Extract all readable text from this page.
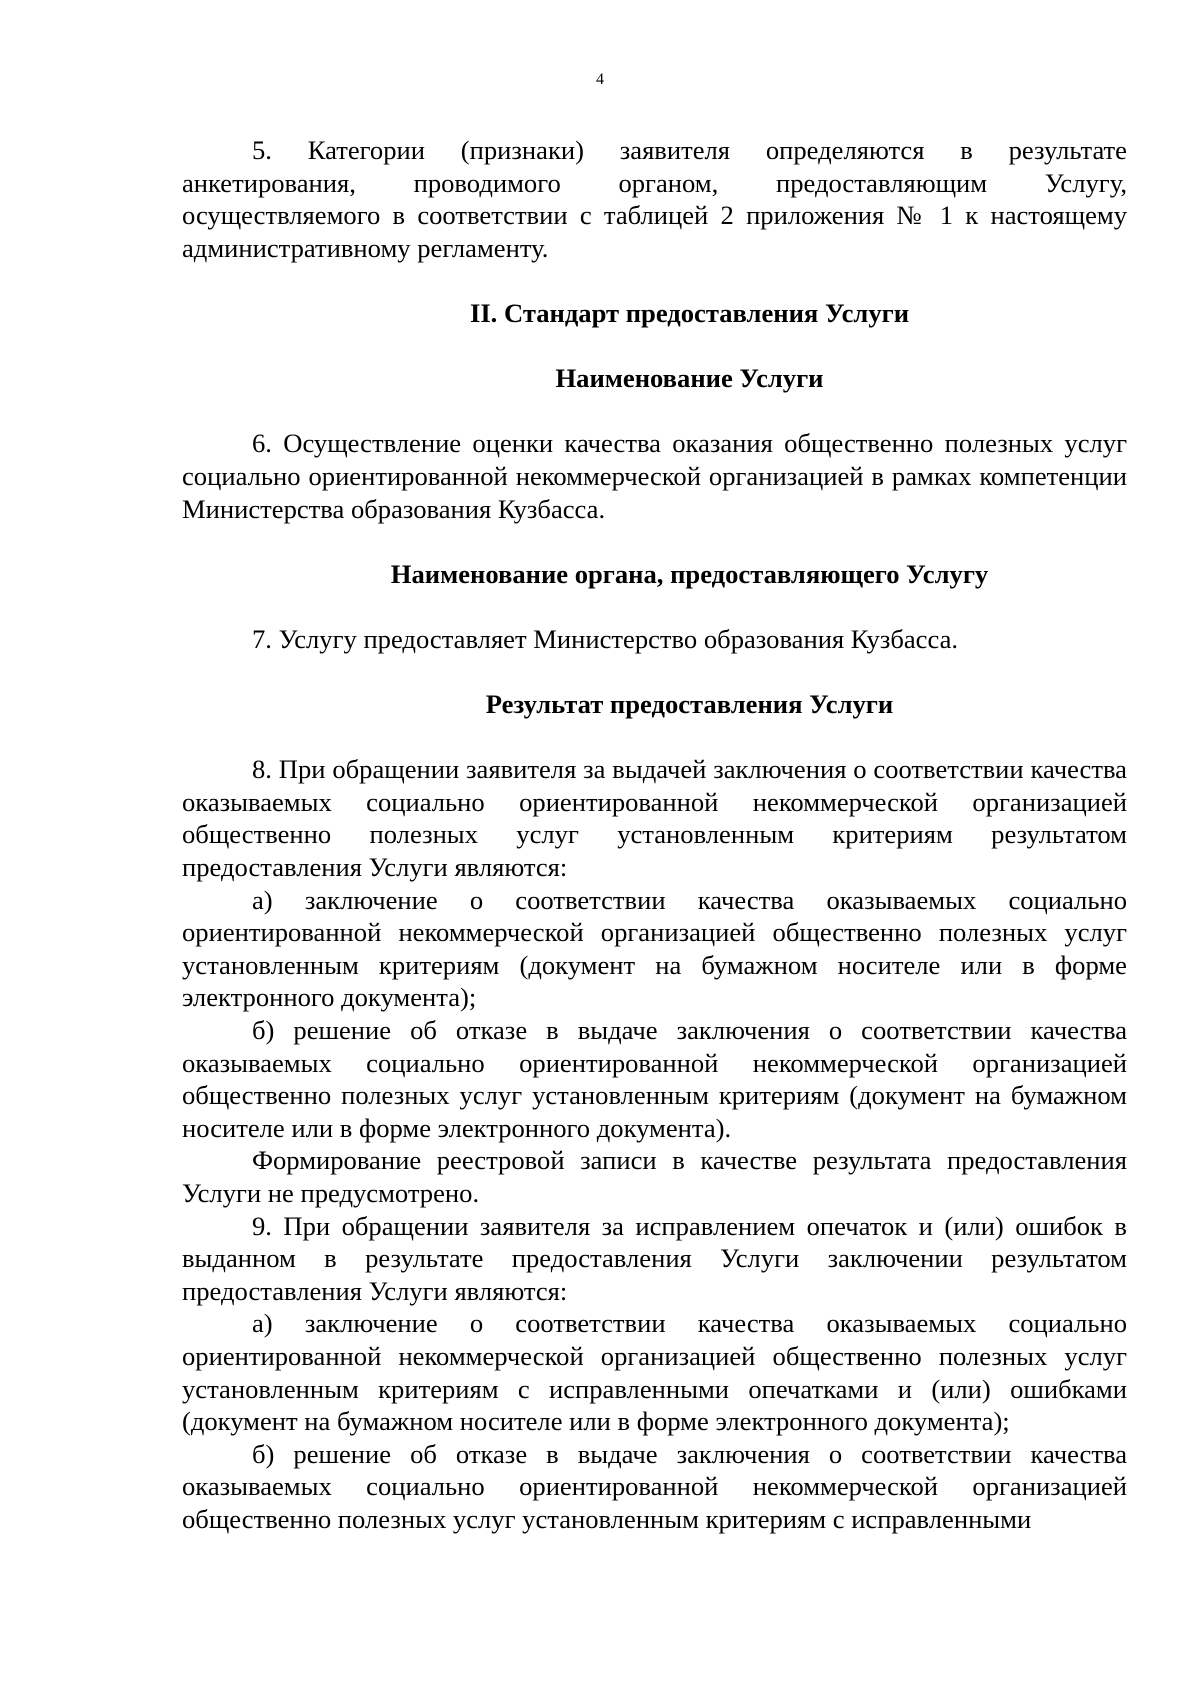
4

5. Категории (признаки) заявителя определяются в результате анкетирования, проводимого органом, предоставляющим Услугу, осуществляемого в соответствии с таблицей 2 приложения № 1 к настоящему административному регламенту.

II. Стандарт предоставления Услуги

Наименование Услуги

6. Осуществление оценки качества оказания общественно полезных услуг социально ориентированной некоммерческой организацией в рамках компетенции Министерства образования Кузбасса.

Наименование органа, предоставляющего Услугу

7. Услугу предоставляет Министерство образования Кузбасса.

Результат предоставления Услуги

8. При обращении заявителя за выдачей заключения о соответствии качества оказываемых социально ориентированной некоммерческой организацией общественно полезных услуг установленным критериям результатом предоставления Услуги являются:

а) заключение о соответствии качества оказываемых социально ориентированной некоммерческой организацией общественно полезных услуг установленным критериям (документ на бумажном носителе или в форме электронного документа);

б) решение об отказе в выдаче заключения о соответствии качества оказываемых социально ориентированной некоммерческой организацией общественно полезных услуг установленным критериям (документ на бумажном носителе или в форме электронного документа).

Формирование реестровой записи в качестве результата предоставления Услуги не предусмотрено.

9. При обращении заявителя за исправлением опечаток и (или) ошибок в выданном в результате предоставления Услуги заключении результатом предоставления Услуги являются:

а) заключение о соответствии качества оказываемых социально ориентированной некоммерческой организацией общественно полезных услуг установленным критериям с исправленными опечатками и (или) ошибками (документ на бумажном носителе или в форме электронного документа);

б) решение об отказе в выдаче заключения о соответствии качества оказываемых социально ориентированной некоммерческой организацией общественно полезных услуг установленным критериям с исправленными
